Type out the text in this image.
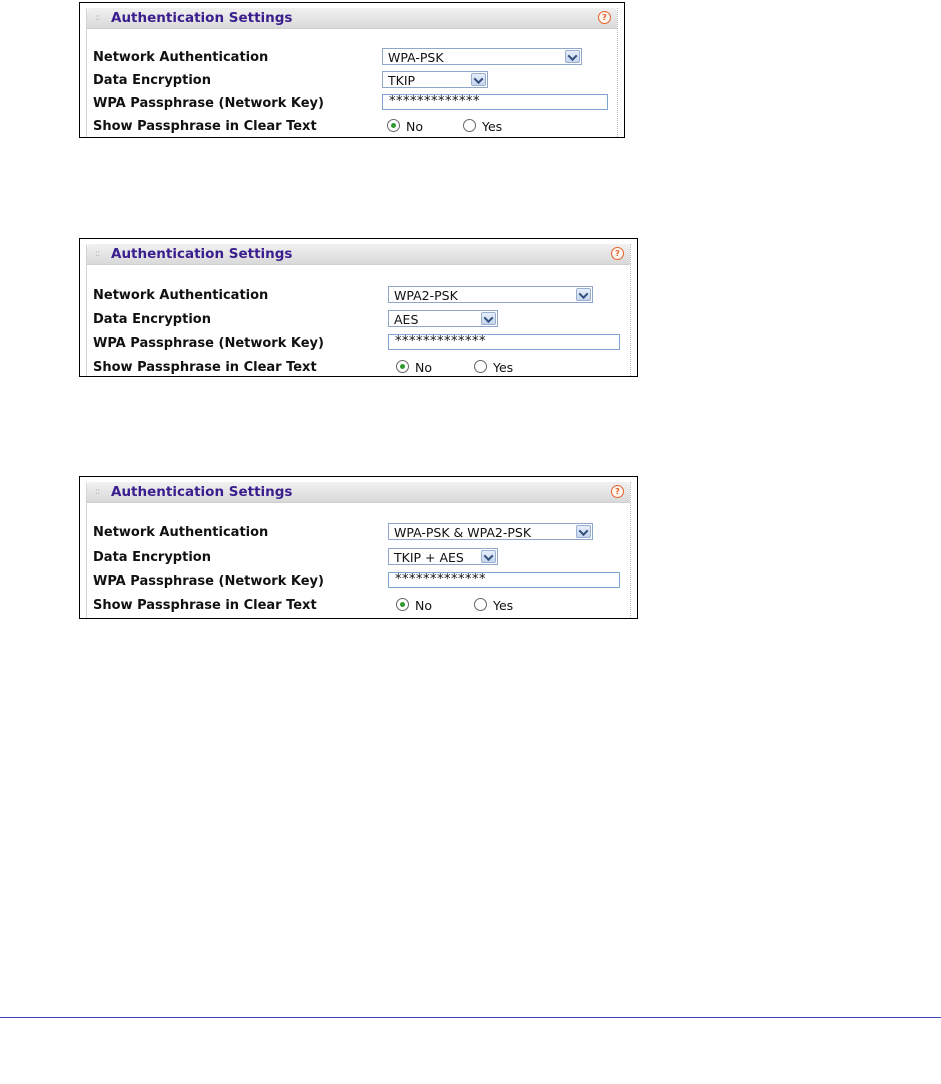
:: Authentication Settings	?
Network Authentication	WPA-PSK
Data Encryption	TKIP
WPA Passphrase (Network Key)	*************
Show Passphrase in Clear Text	No	Yes
:: Authentication Settings	?
Network Authentication	WPA2-PSK
Data Encryption	AES
WPA Passphrase (Network Key)	*************
Show Passphrase in Clear Text	No	Yes
:: Authentication Settings	?
Network Authentication	WPA-PSK & WPA2-PSK
Data Encryption	TKIP + AES
WPA Passphrase (Network Key)	*************
Show Passphrase in Clear Text	No	Yes
